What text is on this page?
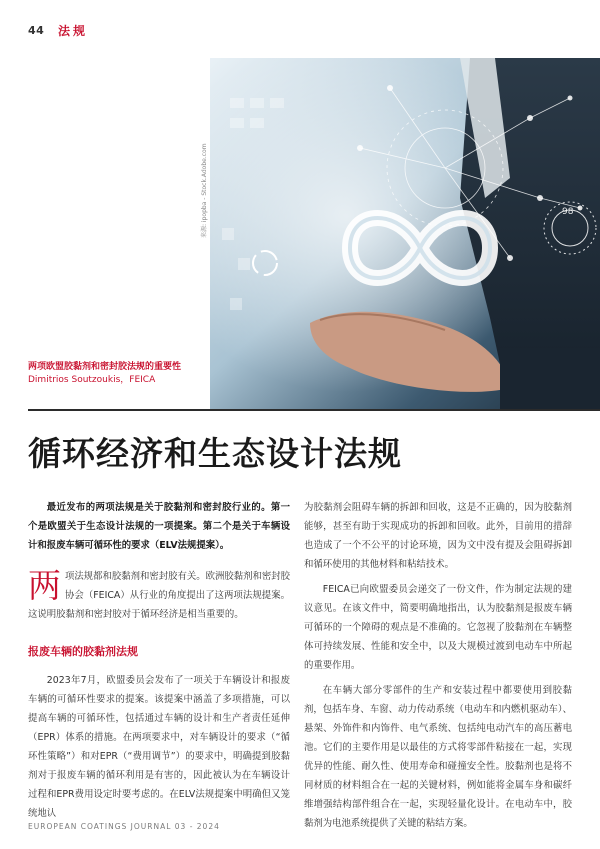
44	法规
98
来源: ipopba - Stock.Adobe.com
两项欧盟胶黏剂和密封胶法规的重要性
Dimitrios Soutzoukis，FEICA
循环经济和生态设计法规

最近发布的两项法规是关于胶黏剂和密封胶行业的。第一个是欧盟关于生态设计法规的一项提案。第二个是关于车辆设计和报废车辆可循环性的要求（ELV法规提案）。

两 项法规都和胶黏剂和密封胶有关。欧洲胶黏剂和密封胶协会（FEICA）从行业的角度提出了这两项法规提案。这说明胶黏剂和密封胶对于循环经济是相当重要的。
报废车辆的胶黏剂法规

2023年7月，欧盟委员会发布了一项关于车辆设计和报废车辆的可循环性要求的提案。该提案中涵盖了多项措施，可以提高车辆的可循环性，包括通过车辆的设计和生产者责任延伸（EPR）体系的措施。在两项要求中，对车辆设计的要求（“循环性策略”）和对EPR（“费用调节”）的要求中，明确提到胶黏剂对于报废车辆的循环利用是有害的，因此被认为在车辆设计过程和EPR费用设定时要考虑的。在ELV法规提案中明确但又笼统地认

为胶黏剂会阻碍车辆的拆卸和回收，这是不正确的，因为胶黏剂能够，甚至有助于实现成功的拆卸和回收。此外，目前用的措辞也造成了一个不公平的讨论环境，因为文中没有提及会阻碍拆卸和循环使用的其他材料和粘结技术。

FEICA已向欧盟委员会递交了一份文件，作为制定法规的建议意见。在该文件中，简要明确地指出，认为胶黏剂是报废车辆可循环的一个障碍的观点是不准确的。它忽视了胶黏剂在车辆整体可持续发展、性能和安全中，以及大规模过渡到电动车中所起的重要作用。

在车辆大部分零部件的生产和安装过程中都要使用到胶黏剂，包括车身、车窗、动力传动系统（电动车和内燃机驱动车）、悬架、外饰件和内饰件、电气系统、包括纯电动汽车的高压蓄电池。它们的主要作用是以最佳的方式将零部件粘接在一起，实现优异的性能、耐久性、使用寿命和碰撞安全性。胶黏剂也是将不同材质的材料组合在一起的关键材料，例如能将金属车身和碳纤维增强结构部件组合在一起，实现轻量化设计。在电动车中，胶黏剂为电池系统提供了关键的粘结方案。

EUROPEAN COATINGS JOURNAL 03 - 2024
